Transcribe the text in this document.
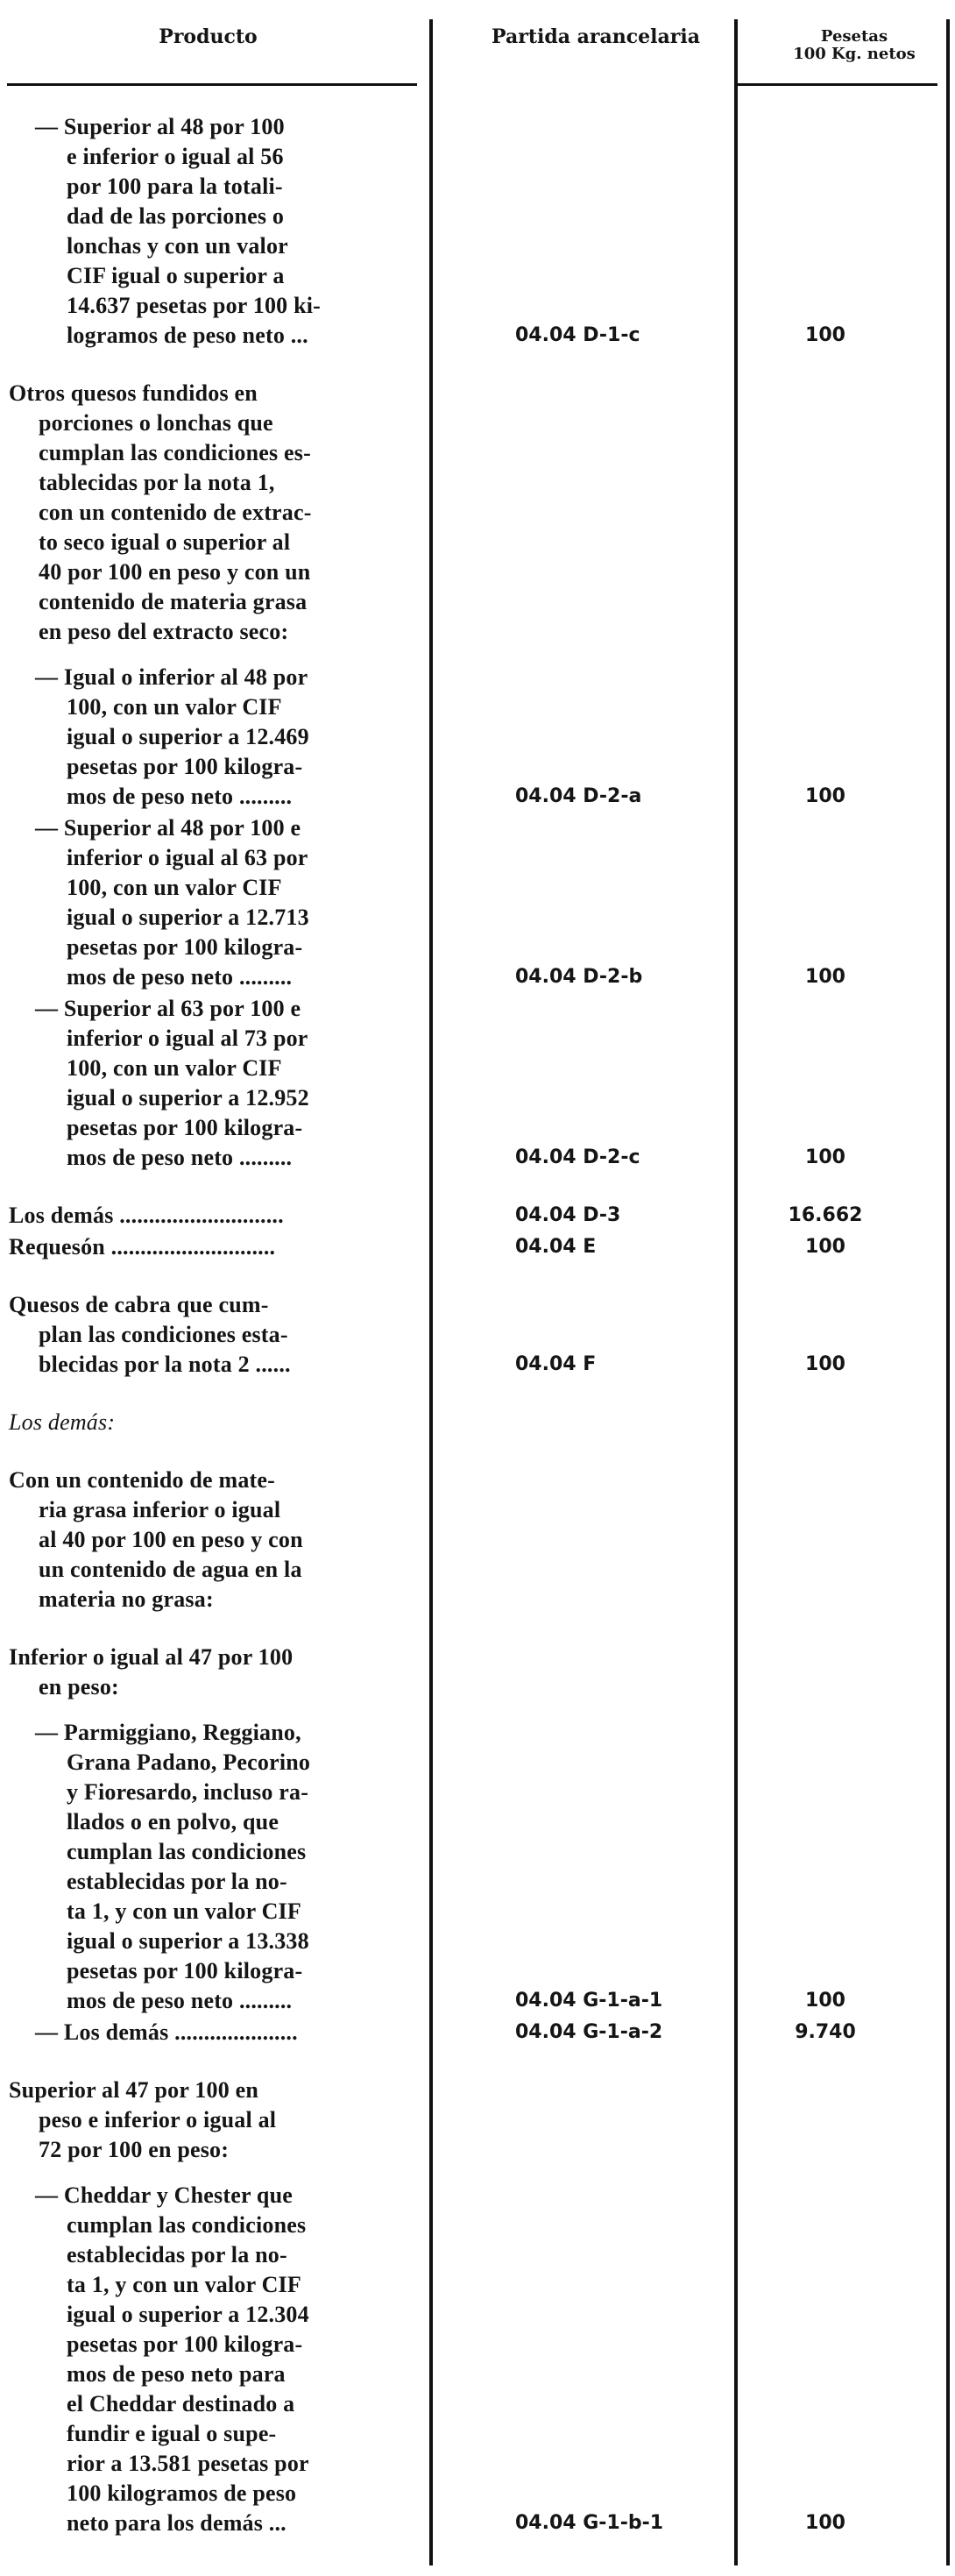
Producto	Partida arancelaria	Pesetas
100 Kg. netos
— Superior al 48 por 100
e inferior o igual al 56
por 100 para la totali-
dad de las porciones o
lonchas y con un valor
CIF igual o superior a
14.637 pesetas por 100 ki-
logramos de peso neto ...	04.04 D-1-c	100
Otros quesos fundidos en
porciones o lonchas que
cumplan las condiciones es-
tablecidas por la nota 1,
con un contenido de extrac-
to seco igual o superior al
40 por 100 en peso y con un
contenido de materia grasa
en peso del extracto seco:
— Igual o inferior al 48 por
100, con un valor CIF
igual o superior a 12.469
pesetas por 100 kilogra-
mos de peso neto .........	04.04 D-2-a	100
— Superior al 48 por 100 e
inferior o igual al 63 por
100, con un valor CIF
igual o superior a 12.713
pesetas por 100 kilogra-
mos de peso neto .........	04.04 D-2-b	100
— Superior al 63 por 100 e
inferior o igual al 73 por
100, con un valor CIF
igual o superior a 12.952
pesetas por 100 kilogra-
mos de peso neto .........	04.04 D-2-c	100
Los demás ............................	04.04 D-3	16.662
Requesón ............................	04.04 E	100
Quesos de cabra que cum-
plan las condiciones esta-
blecidas por la nota 2 ......	04.04 F	100
Los demás:
Con un contenido de mate-
ria grasa inferior o igual
al 40 por 100 en peso y con
un contenido de agua en la
materia no grasa:
Inferior o igual al 47 por 100
en peso:
— Parmiggiano, Reggiano,
Grana Padano, Pecorino
y Fioresardo, incluso ra-
llados o en polvo, que
cumplan las condiciones
establecidas por la no-
ta 1, y con un valor CIF
igual o superior a 13.338
pesetas por 100 kilogra-
mos de peso neto .........	04.04 G-1-a-1	100
— Los demás .....................	04.04 G-1-a-2	9.740
Superior al 47 por 100 en
peso e inferior o igual al
72 por 100 en peso:
— Cheddar y Chester que
cumplan las condiciones
establecidas por la no-
ta 1, y con un valor CIF
igual o superior a 12.304
pesetas por 100 kilogra-
mos de peso neto para
el Cheddar destinado a
fundir e igual o supe-
rior a 13.581 pesetas por
100 kilogramos de peso
neto para los demás ...	04.04 G-1-b-1	100
